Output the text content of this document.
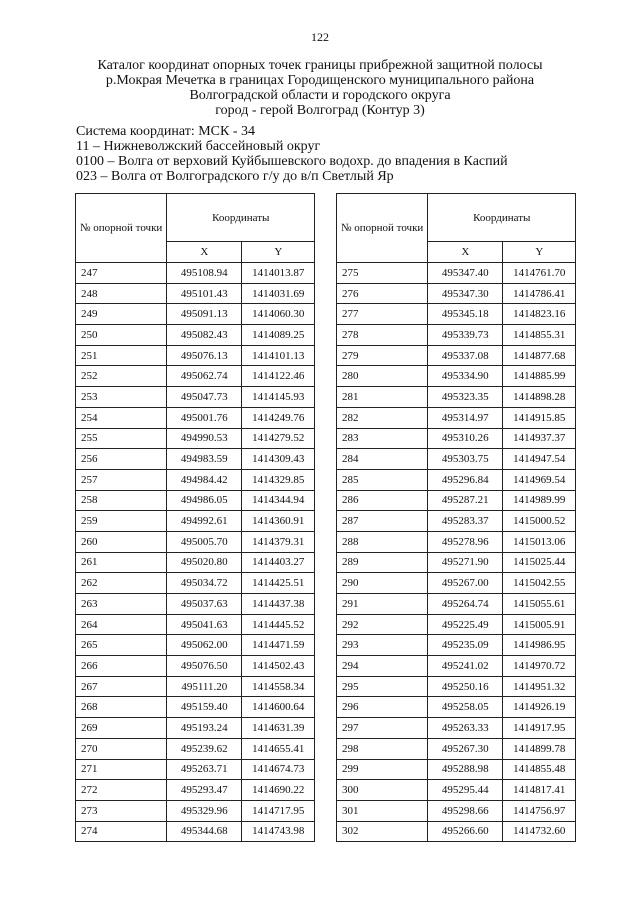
122
Каталог координат опорных точек границы прибрежной защитной полосы
р.Мокрая Мечетка в границах Городищенского муниципального района
Волгоградской области и городского округа
город - герой Волгоград (Контур 3)
Система координат: МСК - 34
11 – Нижневолжский бассейновый округ
0100 – Волга от верховий Куйбышевского водохр. до впадения в Каспий
023 – Волга от Волгоградского г/у до в/п Светлый Яр
№ опорной точки	Координаты	
	X	Y
247	495108.94	1414013.87
248	495101.43	1414031.69
249	495091.13	1414060.30
250	495082.43	1414089.25
251	495076.13	1414101.13
252	495062.74	1414122.46
253	495047.73	1414145.93
254	495001.76	1414249.76
255	494990.53	1414279.52
256	494983.59	1414309.43
257	494984.42	1414329.85
258	494986.05	1414344.94
259	494992.61	1414360.91
260	495005.70	1414379.31
261	495020.80	1414403.27
262	495034.72	1414425.51
263	495037.63	1414437.38
264	495041.63	1414445.52
265	495062.00	1414471.59
266	495076.50	1414502.43
267	495111.20	1414558.34
268	495159.40	1414600.64
269	495193.24	1414631.39
270	495239.62	1414655.41
271	495263.71	1414674.73
272	495293.47	1414690.22
273	495329.96	1414717.95
274	495344.68	1414743.98
№ опорной точки	Координаты	
	X	Y
275	495347.40	1414761.70
276	495347.30	1414786.41
277	495345.18	1414823.16
278	495339.73	1414855.31
279	495337.08	1414877.68
280	495334.90	1414885.99
281	495323.35	1414898.28
282	495314.97	1414915.85
283	495310.26	1414937.37
284	495303.75	1414947.54
285	495296.84	1414969.54
286	495287.21	1414989.99
287	495283.37	1415000.52
288	495278.96	1415013.06
289	495271.90	1415025.44
290	495267.00	1415042.55
291	495264.74	1415055.61
292	495225.49	1415005.91
293	495235.09	1414986.95
294	495241.02	1414970.72
295	495250.16	1414951.32
296	495258.05	1414926.19
297	495263.33	1414917.95
298	495267.30	1414899.78
299	495288.98	1414855.48
300	495295.44	1414817.41
301	495298.66	1414756.97
302	495266.60	1414732.60
